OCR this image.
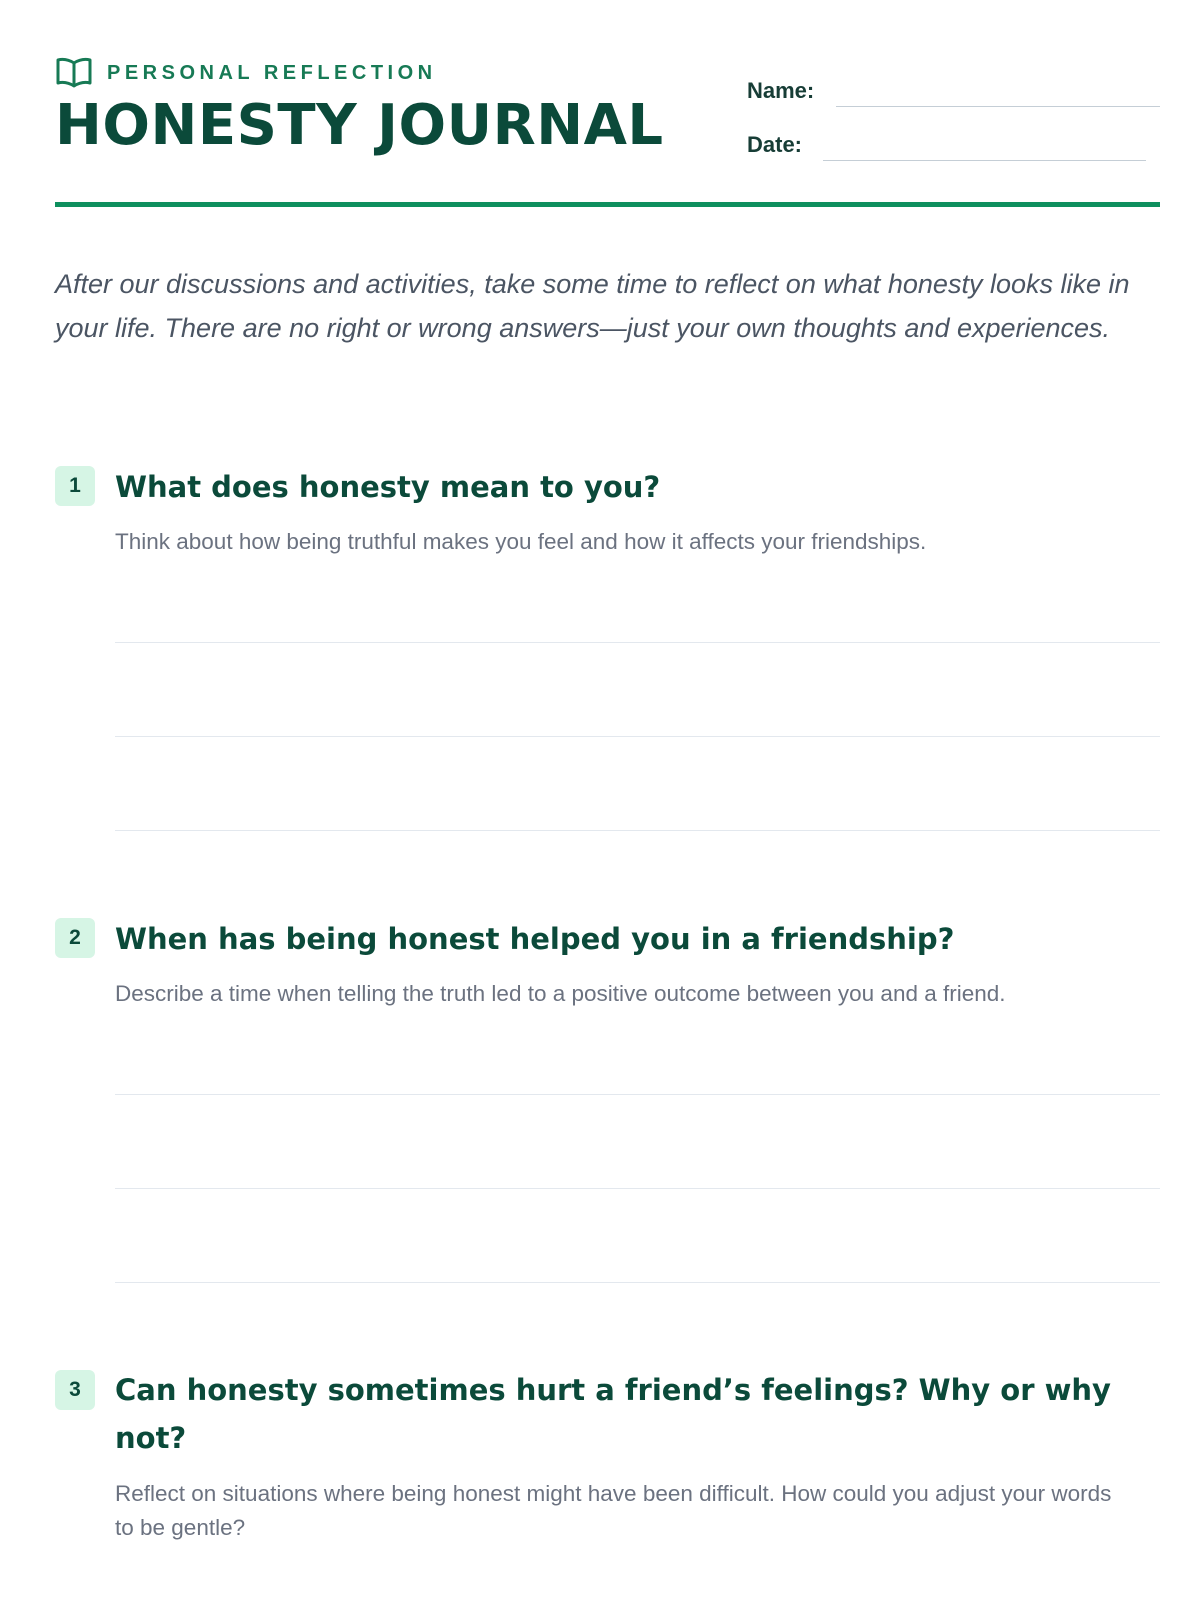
PERSONAL REFLECTION
HONESTY JOURNAL
Name:
Date:

After our discussions and activities, take some time to reflect on what honesty looks like in your life. There are no right or wrong answers—just your own thoughts and experiences.

1	What does honesty mean to you?

Think about how being truthful makes you feel and how it affects your friendships.

2	When has being honest helped you in a friendship?

Describe a time when telling the truth led to a positive outcome between you and a friend.

3	Can honesty sometimes hurt a friend’s feelings? Why or why not?

Reflect on situations where being honest might have been difficult. How could you adjust your words to be gentle?
